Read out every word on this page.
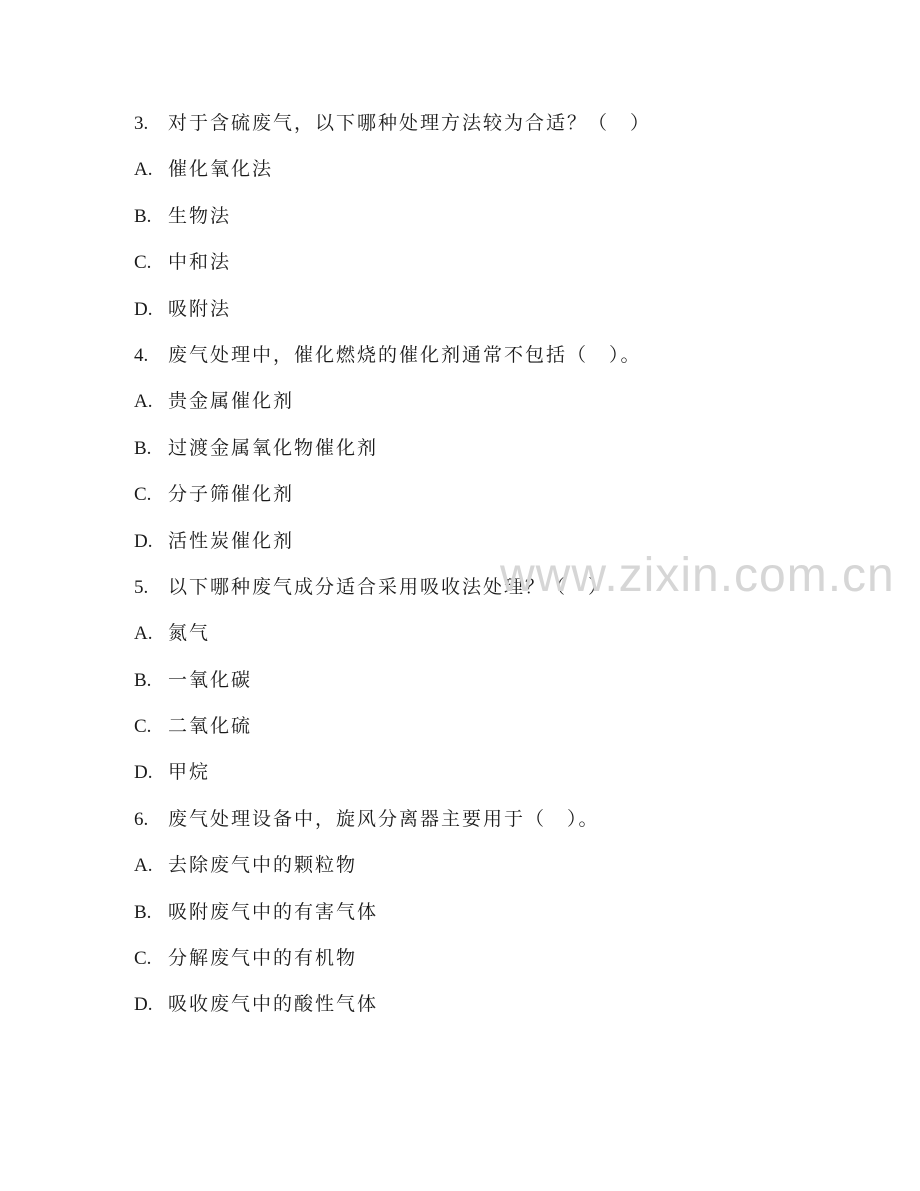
3. 对于含硫废气，以下哪种处理方法较为合适？（　）
A. 催化氧化法
B. 生物法
C. 中和法
D. 吸附法
4. 废气处理中，催化燃烧的催化剂通常不包括（　）。
A. 贵金属催化剂
B. 过渡金属氧化物催化剂
C. 分子筛催化剂
D. 活性炭催化剂
5. 以下哪种废气成分适合采用吸收法处理？（　）
A. 氮气
B. 一氧化碳
C. 二氧化硫
D. 甲烷
6. 废气处理设备中，旋风分离器主要用于（　）。
A. 去除废气中的颗粒物
B. 吸附废气中的有害气体
C. 分解废气中的有机物
D. 吸收废气中的酸性气体
www.zixin.com.cn
